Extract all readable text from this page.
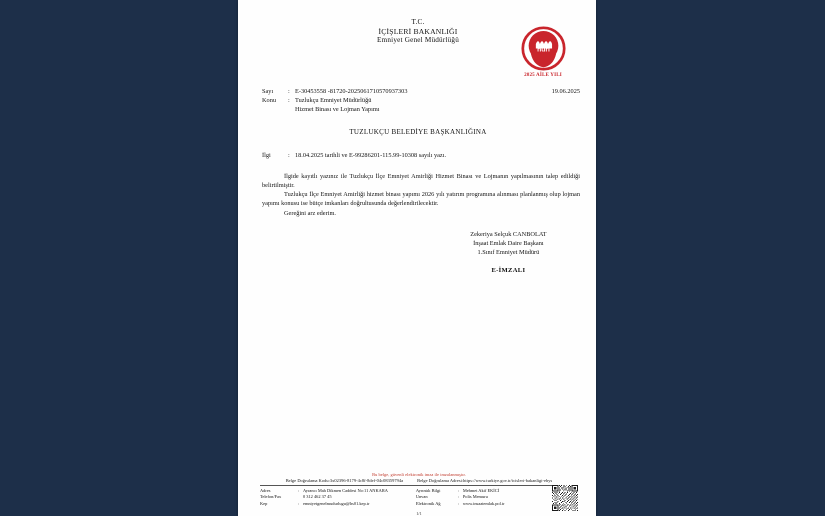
T.C.
İÇİŞLERİ BAKANLIĞI
Emniyet Genel Müdürlüğü
nuri
2025 AİLE YILI
Sayı	: E-30453558 -81720-2025061710570937303	19.06.2025
Konu	: Tuzlukçu Emniyet Müdürlüğü
Hizmet Binası ve Lojman Yapımı
TUZLUKÇU BELEDİYE BAŞKANLIĞINA
İlgi	: 18.04.2025 tarihli ve E-99286201-115.99-10308 sayılı yazı.

İlgide kayıtlı yazınız ile Tuzlukçu İlçe Emniyet Amirliği Hizmet Binası ve Lojmanın yapılmasının talep edildiği belirtilmiştir.

Tuzlukçu İlçe Emniyet Amirliği hizmet binası yapımı 2026 yılı yatırım programına alınması planlanmış olup lojman yapımı konusu ise bütçe imkanları doğrultusunda değerlendirilecektir.

Gereğini arz ederim.

Zekeriya Selçuk CANBOLAT
İnşaat Emlak Daire Başkanı
1.Sınıf Emniyet Müdürü
E-İMZALI
Bu belge, güvenli elektronik imza ile imzalanmıştır.
Belge Doğrulama Kodu:3x02396-8179-4c8f-8def-04c08359794a	Belge Doğrulama Adresi:https://www.turkiye.gov.tr/icisleri-bakanligi-ebys
Adres	: Ayrancı Mah Dikmen Caddesi No:11 ANKARA
Telefon/Fax	0 312 462 37 45
Kep	: emniyetgenelmudurlugu@hs01.kep.tr
Ayrıntılı Bilgi	: Mehmet Akif EKİCİ
Unvan	: Polis Memuru
Elektronik Ağ	: www.insaatemlak.pol.tr
1/1
